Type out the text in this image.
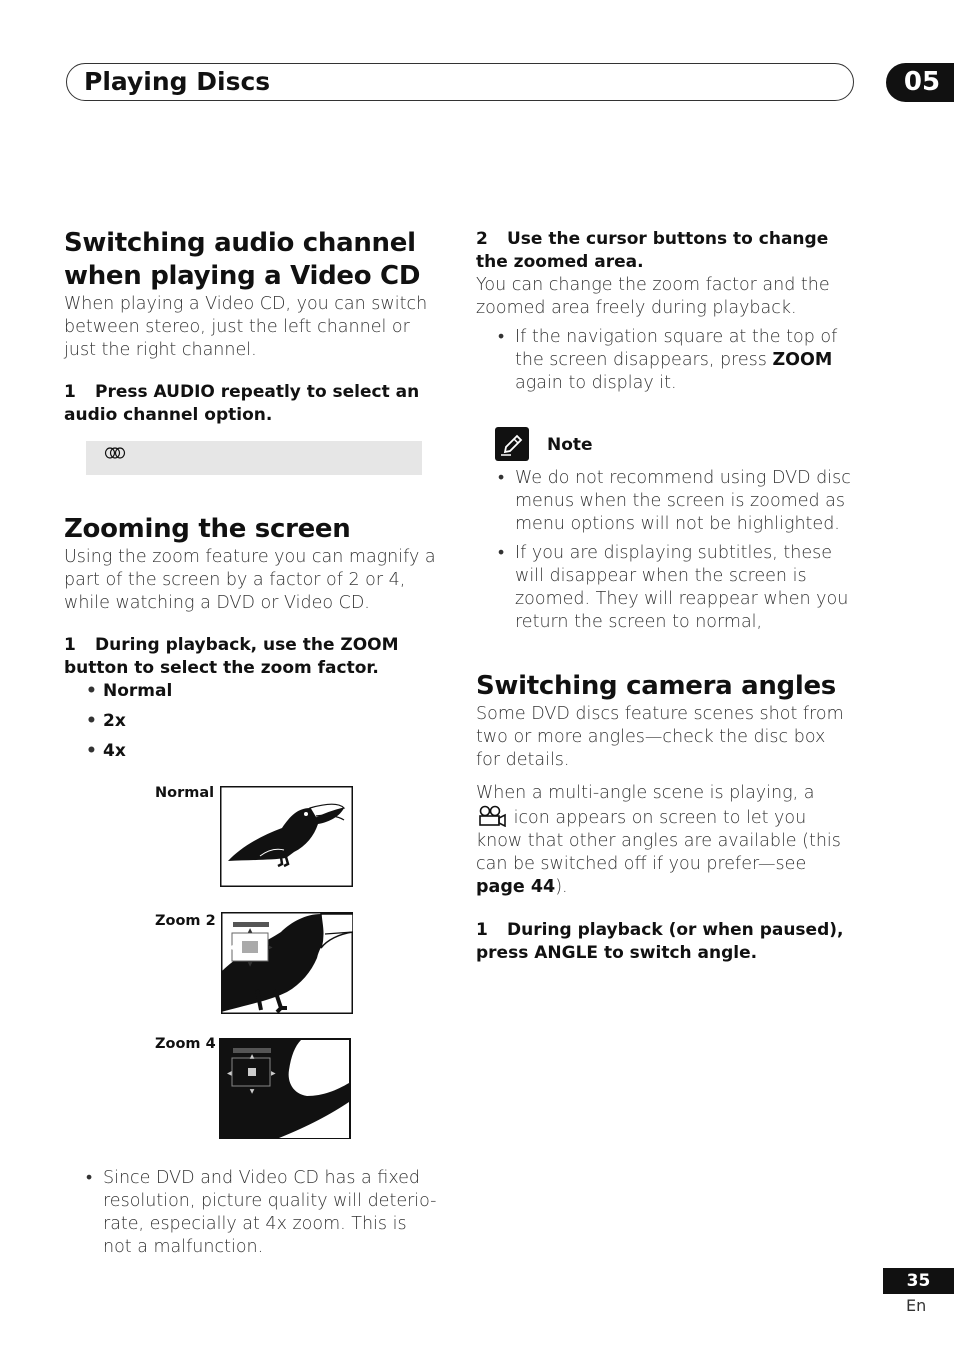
Playing Discs	05
Switching audio channel
when playing a Video CD
When playing a Video CD, you can switch between stereo, just the left channel or just the right channel.
1 Press AUDIO repeatly to select an audio channel option.
Zooming the screen
Using the zoom feature you can magnify a part of the screen by a factor of 2 or 4, while watching a DVD or Video CD.
1 During playback, use the ZOOM button to select the zoom factor.
• Normal
• 2x
• 4x
Normal
Zoom 2
▲
▼
◀	▶
Zoom 4
▲
▼
◀	▶
• Since DVD and Video CD has a fixed resolution, picture quality will deterio-rate, especially at 4x zoom. This is not a malfunction.
2 Use the cursor buttons to change the zoomed area.
You can change the zoom factor and the zoomed area freely during playback.
• If the navigation square at the top of the screen disappears, press ZOOM again to display it.
Note
• We do not recommend using DVD disc menus when the screen is zoomed as menu options will not be highlighted.
• If you are displaying subtitles, these will disappear when the screen is zoomed. They will reappear when you return the screen to normal,
Switching camera angles
Some DVD discs feature scenes shot from two or more angles—check the disc box for details.
When a multi-angle scene is playing, a  icon appears on screen to let you know that other angles are available (this can be switched off if you prefer—see page 44).
1 During playback (or when paused), press ANGLE to switch angle.
35
En
